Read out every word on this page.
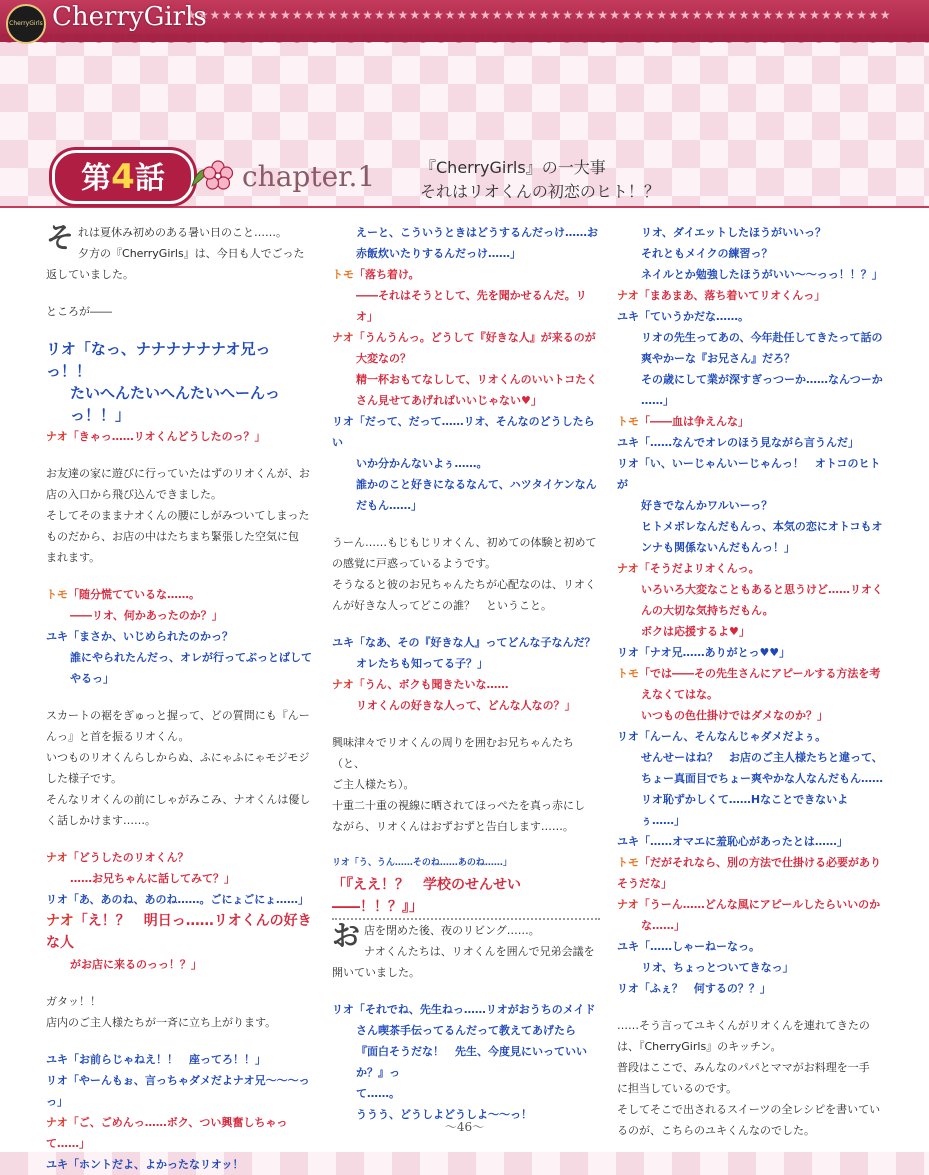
★★★★★★★★★★★★★★★★★★★★★★★★★★★★★★★★★★★★★★★★★★★★★★★★★★★★★★★★★★★★
CherryGirls CherryGirls
第4話	chapter.1	『CherryGirls』の一大事
それはリオくんの初恋のヒト！？

それは夏休み初めのある暑い日のこと……。

夕方の『CherryGirls』は、今日も人でごった

返していました。

ところが――

リオ「なっ、ナナナナナナオ兄っっ！！

たいへんたいへんたいへーんっっ！！」

ナオ「きゃっ……リオくんどうしたのっ？」

お友達の家に遊びに行っていたはずのリオくんが、お

店の入口から飛び込んできました。

そしてそのままナオくんの腰にしがみついてしまった

ものだから、お店の中はたちまち緊張した空気に包

まれます。

トモ「随分慌てているな……。

――リオ、何かあったのか？」

ユキ「まさか、いじめられたのかっ？

誰にやられたんだっ、オレが行ってぶっとばして

やるっ」

スカートの裾をぎゅっと握って、どの質問にも『んー

んっ』と首を振るリオくん。

いつものリオくんらしからぬ、ふにゃふにゃモジモジ

した様子です。

そんなリオくんの前にしゃがみこみ、ナオくんは優し

く話しかけます……。

ナオ「どうしたのリオくん？

……お兄ちゃんに話してみて？」

リオ「あ、あのね、あのね……。ごにょごにょ……」

ナオ「え！？　明日っ……リオくんの好きな人

がお店に来るのっっ！？」

ガタッ！！

店内のご主人様たちが一斉に立ち上がります。

ユキ「お前らじゃねえ！！　座ってろ！！」

リオ「やーんもぉ、言っちゃダメだよナオ兄～～～っっ」

ナオ「ご、ごめんっ……ボク、つい興奮しちゃって……」

ユキ「ホントだよ、よかったなリオッ！

えーと、こういうときはどうするんだっけ……お

赤飯炊いたりするんだっけ……」

トモ「落ち着け。

――それはそうとして、先を聞かせるんだ。リオ」

ナオ「うんうんっ。どうして『好きな人』が来るのが

大変なの？

精一杯おもてなしして、リオくんのいいトコたく

さん見せてあげればいいじゃない♥」

リオ「だって、だって……リオ、そんなのどうしたらい

いか分かんないよぅ……。

誰かのこと好きになるなんて、ハツタイケンなん

だもん……」

うーん……もじもじリオくん、初めての体験と初めて

の感覚に戸惑っているようです。

そうなると彼のお兄ちゃんたちが心配なのは、リオく

んが好きな人ってどこの誰？　ということ。

ユキ「なあ、その『好きな人』ってどんな子なんだ？

オレたちも知ってる子？」

ナオ「うん、ボクも聞きたいな……

リオくんの好きな人って、どんな人なの？」

興味津々でリオくんの周りを囲むお兄ちゃんたち（と、

ご主人様たち）。

十重二十重の視線に晒されてほっぺたを真っ赤にし

ながら、リオくんはおずおずと告白します……。

リオ「う、うん……そのね……あのね……」

「『ええ！？　学校のせんせい――！！？』」

お店を閉めた後、夜のリビング……。

ナオくんたちは、リオくんを囲んで兄弟会議を

開いていました。

リオ「それでね、先生ねっ……リオがおうちのメイド

さん喫茶手伝ってるんだって教えてあげたら

『面白そうだな！　先生、今度見にいっていいか？』っ

て……。

ううう、どうしよどうしよ～～っ！

リオ、ダイエットしたほうがいいっ？

それともメイクの練習っ？

ネイルとか勉強したほうがいい～～っっ！！？」

ナオ「まあまあ、落ち着いてリオくんっ」

ユキ「ていうかだな……。

リオの先生ってあの、今年赴任してきたって話の

爽やかーな『お兄さん』だろ？

その歳にして業が深すぎっつーか……なんつーか

……」

トモ「――血は争えんな」

ユキ「……なんでオレのほう見ながら言うんだ」

リオ「い、いーじゃんいーじゃんっ！　オトコのヒトが

好きでなんかワルいーっ？

ヒトメボレなんだもんっ、本気の恋にオトコもオ

ンナも関係ないんだもんっ！」

ナオ「そうだよリオくんっ。

いろいろ大変なこともあると思うけど……リオく

んの大切な気持ちだもん。

ボクは応援するよ♥」

リオ「ナオ兄……ありがとっ♥♥」

トモ「では――その先生さんにアピールする方法を考

えなくてはな。

いつもの色仕掛けではダメなのか？」

リオ「んーん、そんなんじゃダメだよぅ。

せんせーはね？　お店のご主人様たちと違って、

ちょー真面目でちょー爽やかな人なんだもん……

リオ恥ずかしくて……Hなことできないよぅ……」

ユキ「……オマエに羞恥心があったとは……」

トモ「だがそれなら、別の方法で仕掛ける必要がありそうだな」

ナオ「うーん……どんな風にアピールしたらいいのか

な……」

ユキ「……しゃーねーなっ。

リオ、ちょっとついてきなっ」

リオ「ふぇ？　何するの？？」

……そう言ってユキくんがリオくんを連れてきたの

は、『CherryGirls』のキッチン。

普段はここで、みんなのパパとママがお料理を一手

に担当しているのです。

そしてそこで出されるスイーツの全レシピを書いてい

るのが、こちらのユキくんなのでした。

～46～
